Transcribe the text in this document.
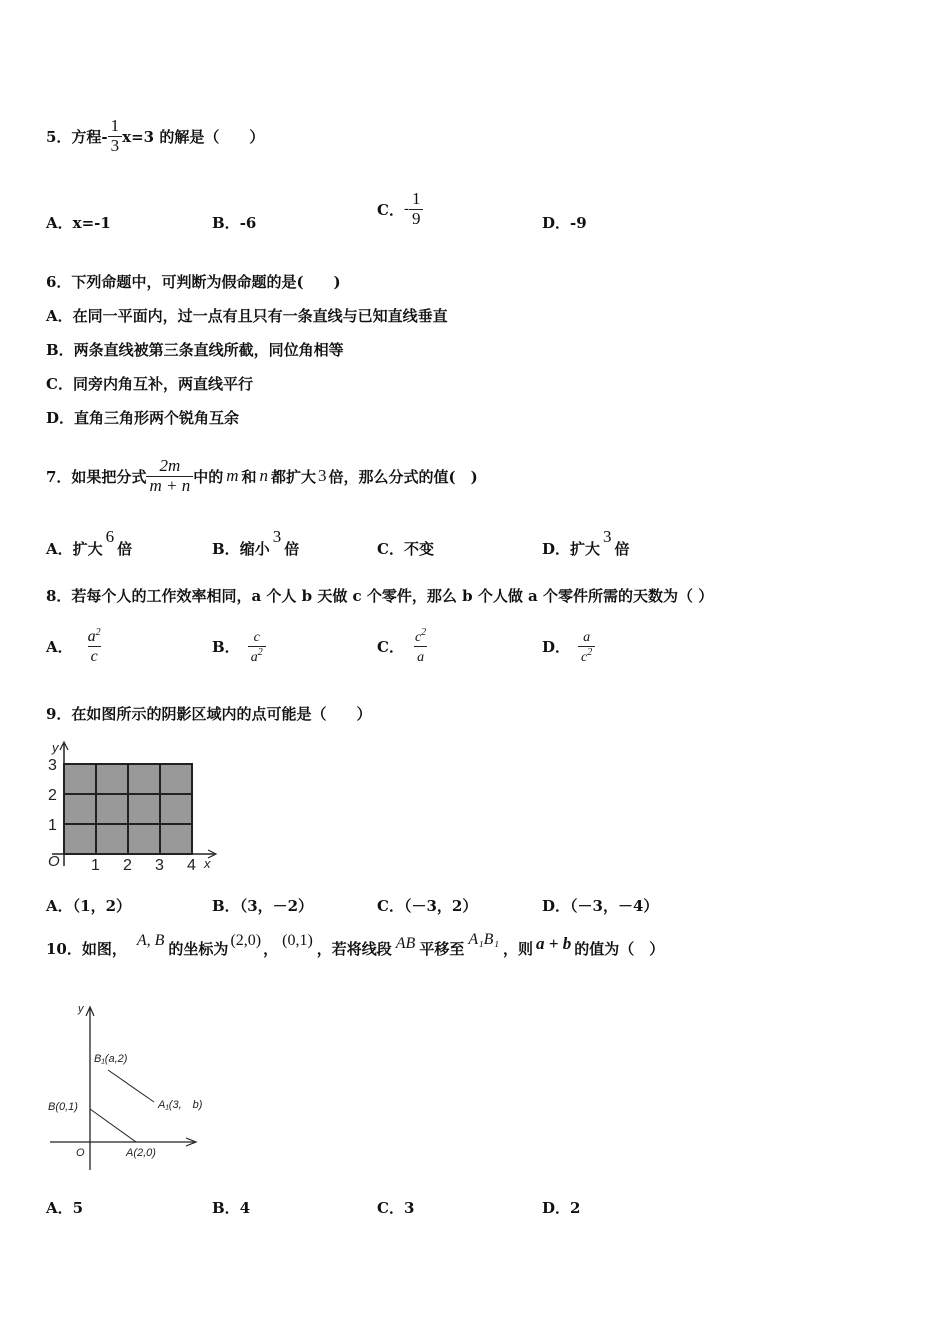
5．方程- $\frac{1}{3} x=3$ 的解是（　　）
A．x=-1	B．-6
C． - $\frac{1}{9}$	D．-9
6．下列命题中，可判断为假命题的是(　　)
A．在同一平面内，过一点有且只有一条直线与已知直线垂直
B．两条直线被第三条直线所截，同位角相等
C．同旁内角互补，两直线平行
D．直角三角形两个锐角互余
7．如果把分式 $\frac{2m}{m + n}$ 中的 m 和 n 都扩大 3 倍，那么分式的值(　)
A．扩大6倍	B．缩小3倍	C．不变	D．扩大3倍
8．若每个人的工作效率相同，a 个人 b 天做 c 个零件，那么 b 个人做 a 个零件所需的天数为（ ）
A． $\frac{a^2}{c}$	B． $\frac{c}{a^2}$	C． $\frac{c^2}{a}$	D． $\frac{a}{c^2}$
9．在如图所示的阴影区域内的点可能是（　　）
y
x
O 1 2 3 4
1
2
3
A．（1，2）	B．（3，－2）	C．（－3，2）	D．（－3，－4）
10．如图， A, B 的坐标为 (2,0) ， (0,1) ，若将线段 AB 平移至 A₁B₁ ，则 a + b 的值为（　）
y
O
B₁(a,2)
A₁(3,　b)
B(0,1)
A(2,0)
A．5	B．4	C．3	D．2
